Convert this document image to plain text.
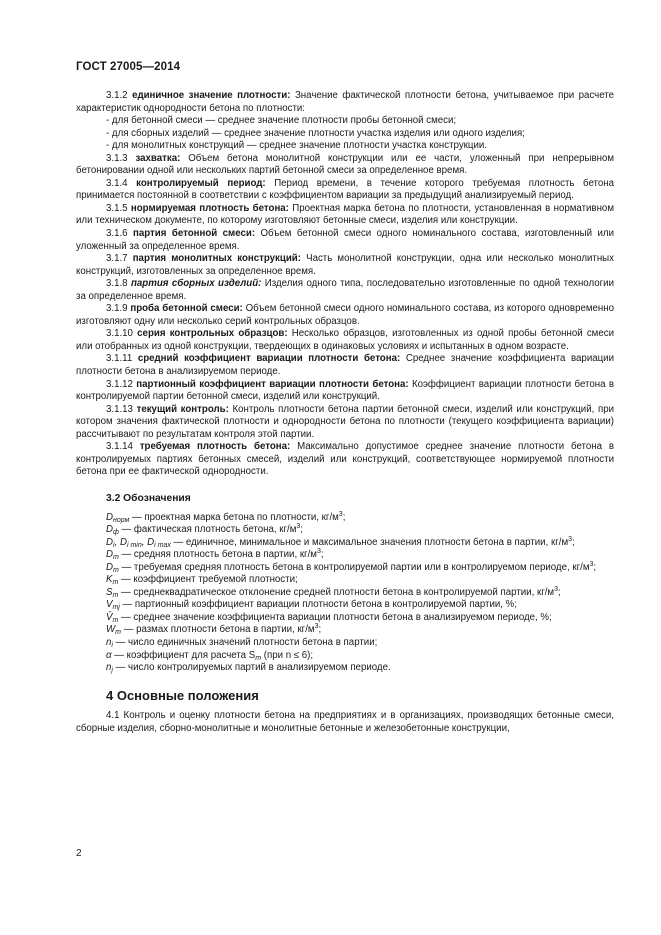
ГОСТ 27005—2014

3.1.2 единичное значение плотности: Значение фактической плотности бетона, учитываемое при расчете характеристик однородности бетона по плотности:

- для бетонной смеси — среднее значение плотности пробы бетонной смеси;

- для сборных изделий — среднее значение плотности участка изделия или одного изделия;

- для монолитных конструкций — среднее значение плотности участка конструкции.

3.1.3 захватка: Объем бетона монолитной конструкции или ее части, уложенный при непрерывном бетонировании одной или нескольких партий бетонной смеси за определенное время.

3.1.4 контролируемый период: Период времени, в течение которого требуемая плотность бетона принимается постоянной в соответствии с коэффициентом вариации за предыдущий анализируемый период.

3.1.5 нормируемая плотность бетона: Проектная марка бетона по плотности, установленная в нормативном или техническом документе, по которому изготовляют бетонные смеси, изделия или конструкции.

3.1.6 партия бетонной смеси: Объем бетонной смеси одного номинального состава, изготовленный или уложенный за определенное время.

3.1.7 партия монолитных конструкций: Часть монолитной конструкции, одна или несколько монолитных конструкций, изготовленных за определенное время.

3.1.8 партия сборных изделий: Изделия одного типа, последовательно изготовленные по одной технологии за определенное время.

3.1.9 проба бетонной смеси: Объем бетонной смеси одного номинального состава, из которого одновременно изготовляют одну или несколько серий контрольных образцов.

3.1.10 серия контрольных образцов: Несколько образцов, изготовленных из одной пробы бетонной смеси или отобранных из одной конструкции, твердеющих в одинаковых условиях и испытанных в одном возрасте.

3.1.11 средний коэффициент вариации плотности бетона: Среднее значение коэффициента вариации плотности бетона в анализируемом периоде.

3.1.12 партионный коэффициент вариации плотности бетона: Коэффициент вариации плотности бетона в контролируемой партии бетонной смеси, изделий или конструкций.

3.1.13 текущий контроль: Контроль плотности бетона партии бетонной смеси, изделий или конструкций, при котором значения фактической плотности и однородности бетона по плотности (текущего коэффициента вариации) рассчитывают по результатам контроля этой партии.

3.1.14 требуемая плотность бетона: Максимально допустимое среднее значение плотности бетона в контролируемых партиях бетонных смесей, изделий или конструкций, соответствующее нормируемой плотности бетона при ее фактической однородности.

3.2 Обозначения

$D_{норм}$ — проектная марка бетона по плотности, $кг/м^3$;

$D_ф$ — фактическая плотность бетона, $кг/м^3$;

$D_i$, $D_{i min}$, $D_{i max}$ — единичное, минимальное и максимальное значения плотности бетона в партии, $кг/м^3$;

$D_m$ — средняя плотность бетона в партии, $кг/м^3$;

$D_т$ — требуемая средняя плотность бетона в контролируемой партии или в контролируемом периоде, $кг/м^3$;

$K_т$ — коэффициент требуемой плотности;

$S_m$ — среднеквадратическое отклонение средней плотности бетона в контролируемой партии, $кг/м^3$;

$V_{mj}$ — партионный коэффициент вариации плотности бетона в контролируемой партии, %;

$V̄_m$ — среднее значение коэффициента вариации плотности бетона в анализируемом периоде, %;

$W_m$ — размах плотности бетона в партии, $кг/м^3$;

$n_i$ — число единичных значений плотности бетона в партии;

α — коэффициент для расчета $S_m$ (при n ≤ 6);

$n_j$ — число контролируемых партий в анализируемом периоде.

4 Основные положения

4.1 Контроль и оценку плотности бетона на предприятиях и в организациях, производящих бетонные смеси, сборные изделия, сборно-монолитные и монолитные бетонные и железобетонные конструкции,

2
